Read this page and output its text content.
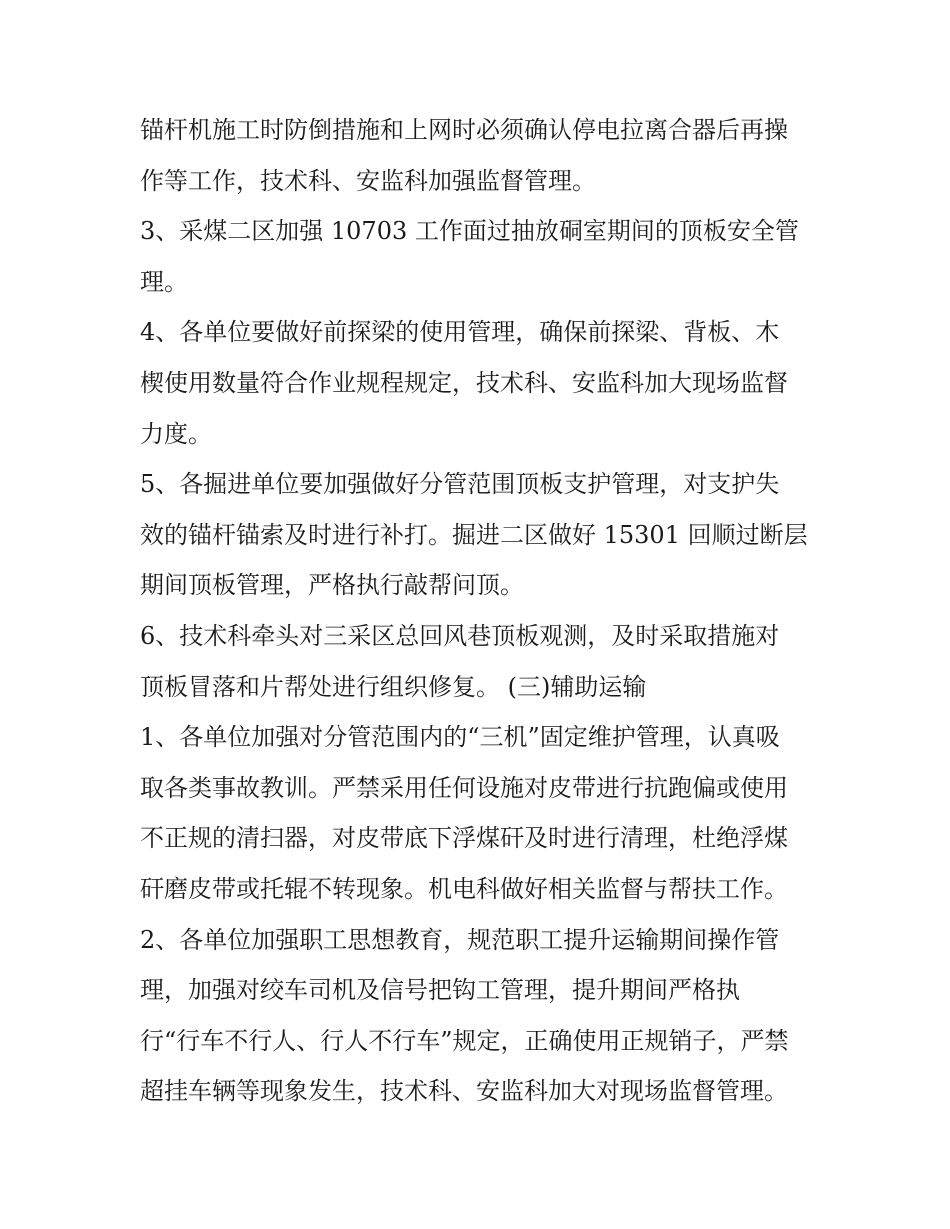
锚杆机施工时防倒措施和上网时必须确认停电拉离合器后再操
作等工作，技术科、安监科加强监督管理。
3、采煤二区加强 10703 工作面过抽放硐室期间的顶板安全管
理。
4、各单位要做好前探梁的使用管理，确保前探梁、背板、木
楔使用数量符合作业规程规定，技术科、安监科加大现场监督
力度。
5、各掘进单位要加强做好分管范围顶板支护管理，对支护失
效的锚杆锚索及时进行补打。掘进二区做好 15301 回顺过断层
期间顶板管理，严格执行敲帮问顶。
6、技术科牵头对三采区总回风巷顶板观测，及时采取措施对
顶板冒落和片帮处进行组织修复。 (三)辅助运输
1、各单位加强对分管范围内的“三机”固定维护管理，认真吸
取各类事故教训。严禁采用任何设施对皮带进行抗跑偏或使用
不正规的清扫器，对皮带底下浮煤矸及时进行清理，杜绝浮煤
矸磨皮带或托辊不转现象。机电科做好相关监督与帮扶工作。
2、各单位加强职工思想教育，规范职工提升运输期间操作管
理，加强对绞车司机及信号把钩工管理，提升期间严格执
行“行车不行人、行人不行车”规定，正确使用正规销子，严禁
超挂车辆等现象发生，技术科、安监科加大对现场监督管理。
